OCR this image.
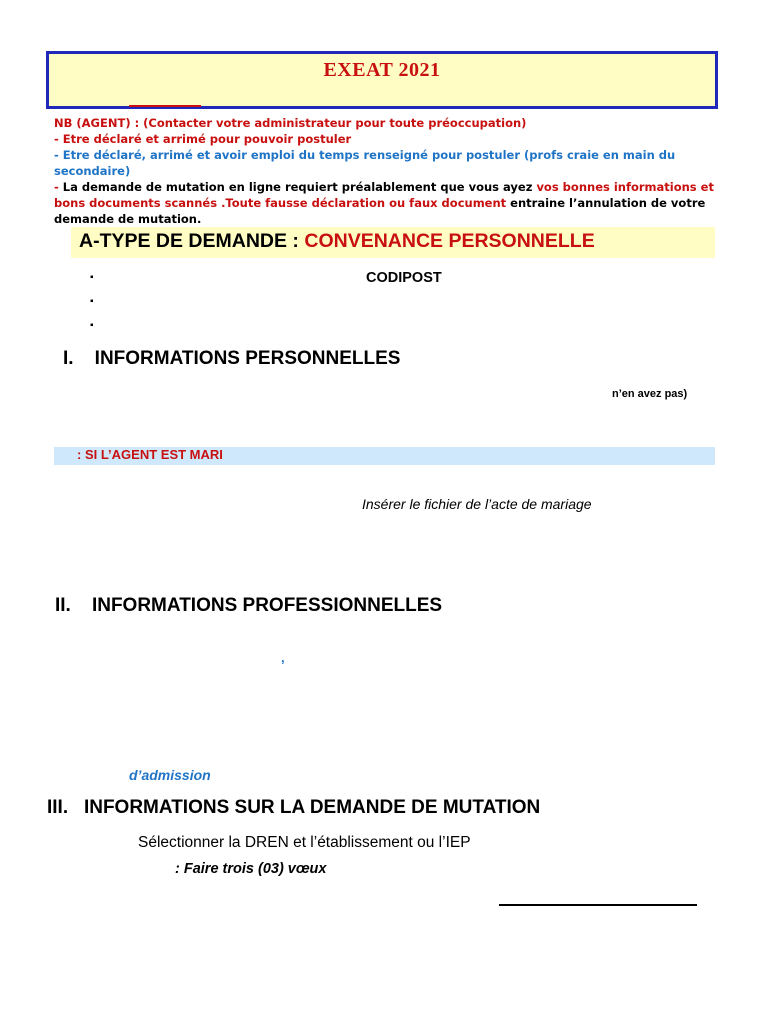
EXEAT 2021
NB (AGENT) : (Contacter votre administrateur pour toute préoccupation)
- Etre déclaré et arrimé pour pouvoir postuler
- Etre déclaré, arrimé et avoir emploi du temps renseigné pour postuler (profs craie en main du secondaire)
- La demande de mutation en ligne requiert préalablement que vous ayez vos bonnes informations et bons documents scannés .Toute fausse déclaration ou faux document entraine l’annulation de votre demande de mutation.
A-TYPE DE DEMANDE : CONVENANCE PERSONNELLE
▪	CODIPOST
▪
▪
I.    INFORMATIONS PERSONNELLES
n’en avez pas)
: SI L’AGENT EST MARI
Insérer le fichier de l’acte de mariage
II.    INFORMATIONS PROFESSIONNELLES
,
d’admission
III.   INFORMATIONS SUR LA DEMANDE DE MUTATION
Sélectionner la DREN et l’établissement ou l’IEP
: Faire trois (03) vœux
